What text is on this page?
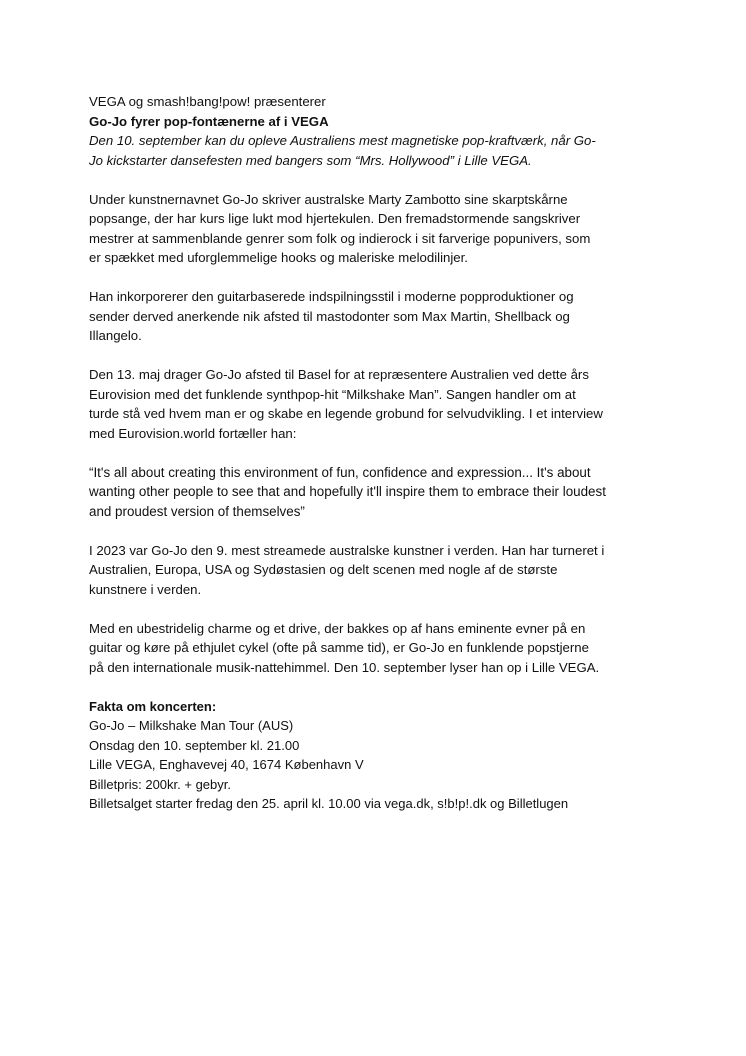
VEGA og smash!bang!pow! præsenterer
Go-Jo fyrer pop-fontænerne af i VEGA
Den 10. september kan du opleve Australiens mest magnetiske pop-kraftværk, når Go-
Jo kickstarter dansefesten med bangers som “Mrs. Hollywood” i Lille VEGA.
Under kunstnernavnet Go-Jo skriver australske Marty Zambotto sine skarptskårne
popsange, der har kurs lige lukt mod hjertekulen. Den fremadstormende sangskriver
mestrer at sammenblande genrer som folk og indierock i sit farverige popunivers, som
er spækket med uforglemmelige hooks og maleriske melodilinjer.
Han inkorporerer den guitarbaserede indspilningsstil i moderne popproduktioner og
sender derved anerkende nik afsted til mastodonter som Max Martin, Shellback og
Illangelo.
Den 13. maj drager Go-Jo afsted til Basel for at repræsentere Australien ved dette års
Eurovision med det funklende synthpop-hit “Milkshake Man”. Sangen handler om at
turde stå ved hvem man er og skabe en legende grobund for selvudvikling. I et interview
med Eurovision.world fortæller han:
“It's all about creating this environment of fun, confidence and expression... It's about
wanting other people to see that and hopefully it'll inspire them to embrace their loudest
and proudest version of themselves”
I 2023 var Go-Jo den 9. mest streamede australske kunstner i verden. Han har turneret i
Australien, Europa, USA og Sydøstasien og delt scenen med nogle af de største
kunstnere i verden.
Med en ubestridelig charme og et drive, der bakkes op af hans eminente evner på en
guitar og køre på ethjulet cykel (ofte på samme tid), er Go-Jo en funklende popstjerne
på den internationale musik-nattehimmel. Den 10. september lyser han op i Lille VEGA.
Fakta om koncerten:
Go-Jo – Milkshake Man Tour (AUS)
Onsdag den 10. september kl. 21.00
Lille VEGA, Enghavevej 40, 1674 København V
Billetpris: 200kr. + gebyr.
Billetsalget starter fredag den 25. april kl. 10.00 via vega.dk, s!b!p!.dk og Billetlugen
